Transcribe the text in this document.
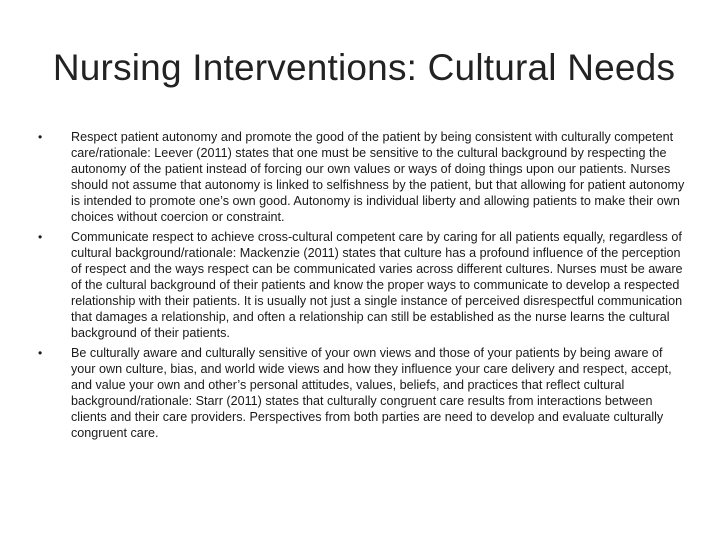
Nursing Interventions: Cultural Needs
• Respect patient autonomy and promote the good of the patient by being consistent with culturally competent care/rationale: Leever (2011) states that one must be sensitive to the cultural background by respecting the autonomy of the patient instead of forcing our own values or ways of doing things upon our patients. Nurses should not assume that autonomy is linked to selfishness by the patient, but that allowing for patient autonomy is intended to promote one’s own good. Autonomy is individual liberty and allowing patients to make their own choices without coercion or constraint.
• Communicate respect to achieve cross-cultural competent care by caring for all patients equally, regardless of cultural background/rationale: Mackenzie (2011) states that culture has a profound influence of the perception of respect and the ways respect can be communicated varies across different cultures. Nurses must be aware of the cultural background of their patients and know the proper ways to communicate to develop a respected relationship with their patients. It is usually not just a single instance of perceived disrespectful communication that damages a relationship, and often a relationship can still be established as the nurse learns the cultural background of their patients.
• Be culturally aware and culturally sensitive of your own views and those of your patients by being aware of your own culture, bias, and world wide views and how they influence your care delivery and respect, accept, and value your own and other’s personal attitudes, values, beliefs, and practices that reflect cultural background/rationale: Starr (2011) states that culturally congruent care results from interactions between clients and their care providers. Perspectives from both parties are need to develop and evaluate culturally congruent care.
